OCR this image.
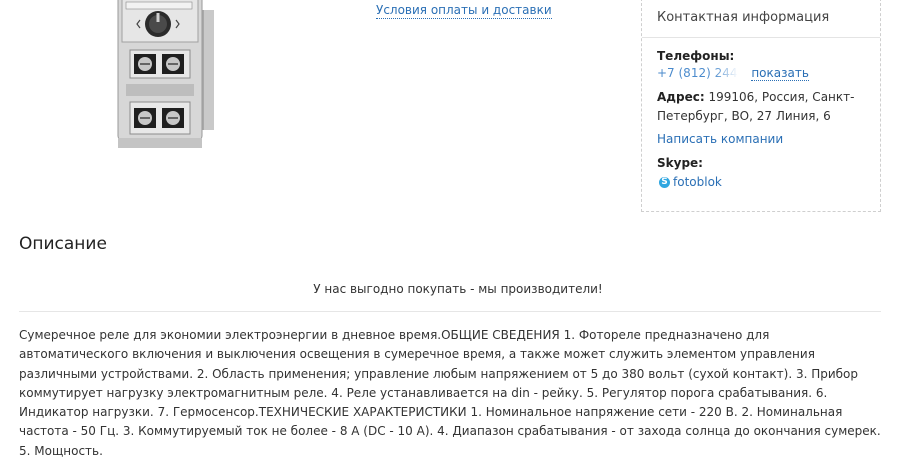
Условия оплаты и доставки	Контактная информация
Телефоны:
+7 (812) 244 показать
Адрес: 199106, Россия, Санкт-Петербург, ВО, 27 Линия, 6
Написать компании
Skype:
S fotoblok
Описание
У нас выгодно покупать - мы производители!

Сумеречное реле для экономии электроэнергии в дневное время.ОБЩИЕ СВЕДЕНИЯ 1. Фотореле предназначено для автоматического включения и выключения освещения в сумеречное время, а также может служить элементом управления различными устройствами. 2. Область применения; управление любым напряжением от 5 до 380 вольт (сухой контакт). 3. Прибор коммутирует нагрузку электромагнитным реле. 4. Реле устанавливается на din - рейку. 5. Регулятор порога срабатывания. 6. Индикатор нагрузки. 7. Гермосенсор.ТЕХНИЧЕСКИЕ ХАРАКТЕРИСТИКИ 1. Номинальное напряжение сети - 220 В. 2. Номинальная частота - 50 Гц. 3. Коммутируемый ток не более - 8 А (DC - 10 А). 4. Диапазон срабатывания - от захода солнца до окончания сумерек. 5. Мощность.
